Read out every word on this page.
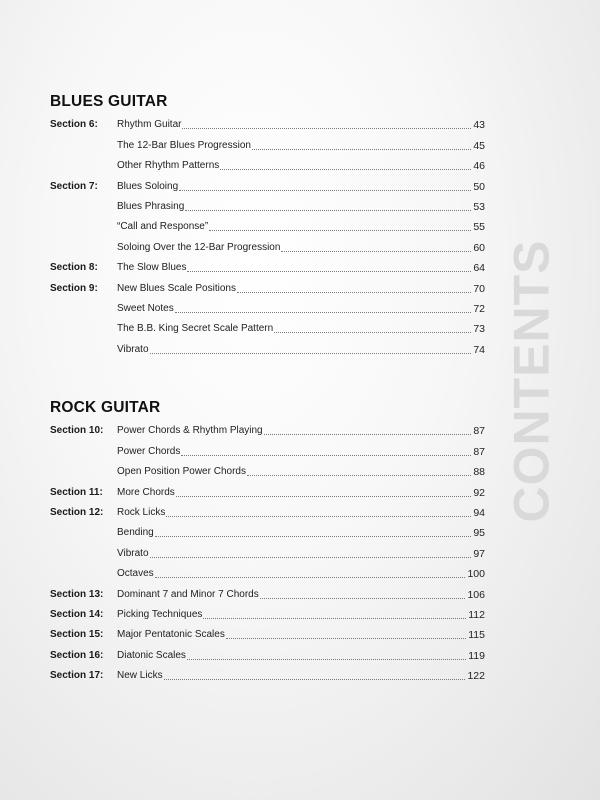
BLUES GUITAR
Section 6:	Rhythm Guitar	43
The 12-Bar Blues Progression	45
Other Rhythm Patterns	46
Section 7:	Blues Soloing	50
Blues Phrasing	53
“Call and Response”	55
Soloing Over the 12-Bar Progression	60
Section 8:	The Slow Blues	64
Section 9:	New Blues Scale Positions	70
Sweet Notes	72
The B.B. King Secret Scale Pattern	73
Vibrato	74
ROCK GUITAR
Section 10:	Power Chords & Rhythm Playing	87
Power Chords	87
Open Position Power Chords	88
Section 11:	More Chords	92
Section 12:	Rock Licks	94
Bending	95
Vibrato	97
Octaves	100
Section 13:	Dominant 7 and Minor 7 Chords	106
Section 14:	Picking Techniques	112
Section 15:	Major Pentatonic Scales	115
Section 16:	Diatonic Scales	119
Section 17:	New Licks	122
CONTENTS
